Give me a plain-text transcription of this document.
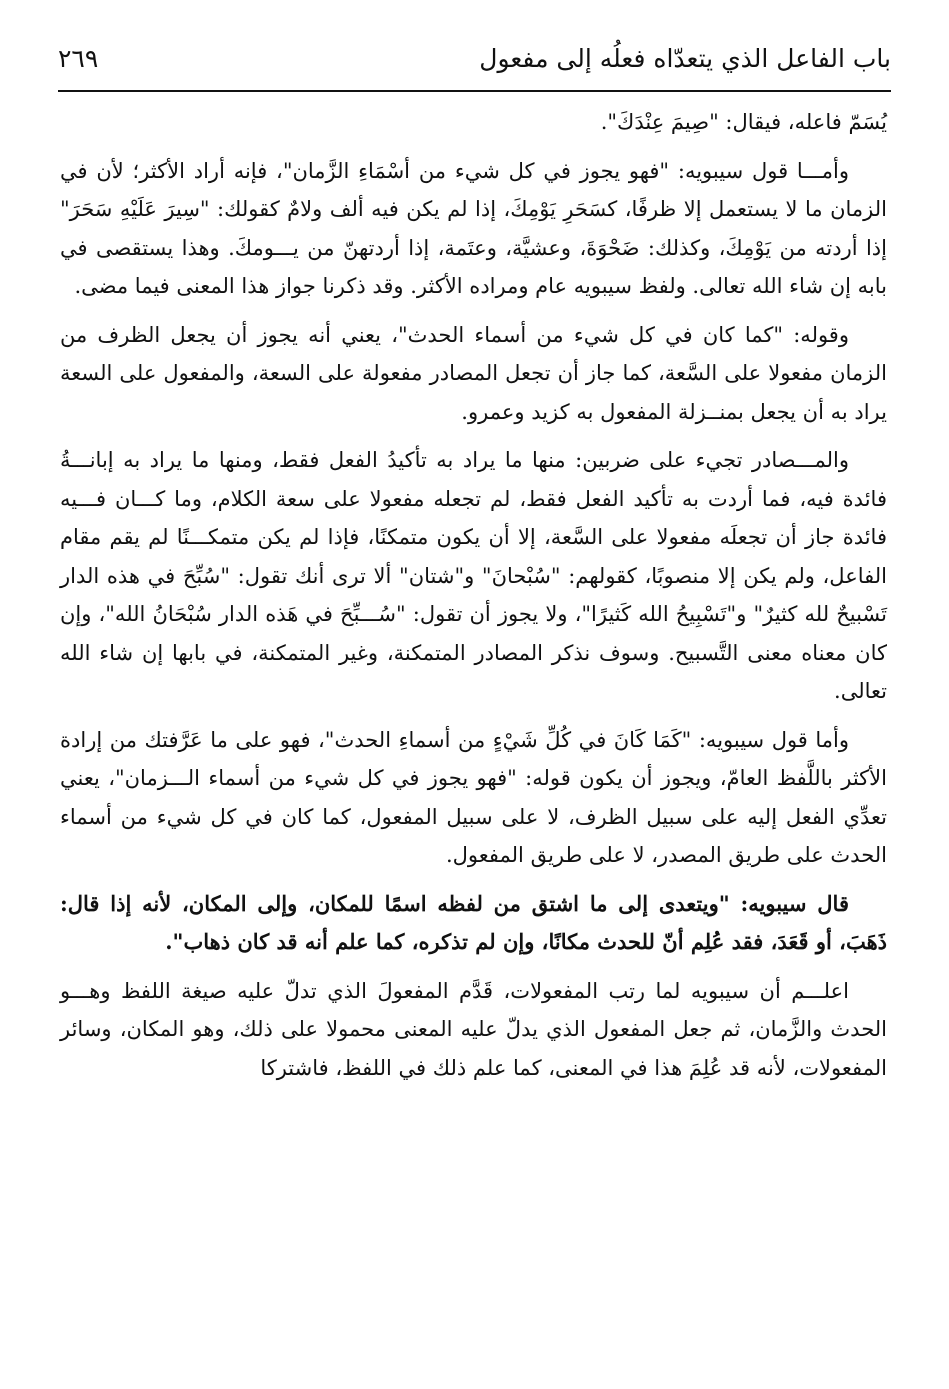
باب الفاعل الذي يتعدّاه فعلُه إلى مفعول
٢٦٩

يُسَمّ فاعله، فيقال: "صِيمَ عِنْدَكَ".

وأمـــا قول سيبويه: "فهو يجوز في كل شيء من أسْمَاءِ الزَّمان"، فإنه أراد الأكثر؛ لأن في الزمان ما لا يستعمل إلا ظرفًا، كسَحَرِ يَوْمِكَ، إذا لم يكن فيه ألف ولامٌ كقولك: "سِيرَ عَلَيْهِ سَحَرَ" إذا أردته من يَوْمِكَ، وكذلك: ضَحْوَةَ، وعشيَّة، وعتَمة، إذا أردتهنّ من يـــومكَ. وهذا يستقصى في بابه إن شاء الله تعالى. ولفظ سيبويه عام ومراده الأكثر. وقد ذكرنا جواز هذا المعنى فيما مضى.

وقوله: "كما كان في كل شيء من أسماء الحدث"، يعني أنه يجوز أن يجعل الظرف من الزمان مفعولا على السَّعة، كما جاز أن تجعل المصادر مفعولة على السعة، والمفعول على السعة يراد به أن يجعل بمنــزلة المفعول به كزيد وعمرو.

والمـــصادر تجيء على ضربين: منها ما يراد به تأكيدُ الفعل فقط، ومنها ما يراد به إبانـــةُ فائدة فيه، فما أردت به تأكيد الفعل فقط، لم تجعله مفعولا على سعة الكلام، وما كـــان فـــيه فائدة جاز أن تجعلَه مفعولا على السَّعة، إلا أن يكون متمكنًا، فإذا لم يكن متمكـــنًا لم يقم مقام الفاعل، ولم يكن إلا منصوبًا، كقولهم: "سُبْحانَ" و"شتان" ألا ترى أنك تقول: "سُبِّحَ في هذه الدار تَسْبيحٌ لله كثيرٌ" و"تَسْبِيحُ الله كَثيرًا"، ولا يجوز أن تقول: "سُـــبِّحَ في هَذه الدار سُبْحَانُ الله"، وإن كان معناه معنى التَّسبيح. وسوف نذكر المصادر المتمكنة، وغير المتمكنة، في بابها إن شاء الله تعالى.

وأما قول سيبويه: "كَمَا كَانَ في كُلِّ شَيْءٍ من أسماءِ الحدث"، فهو على ما عَرَّفتك من إرادة الأكثر باللَّفظ العامّ، ويجوز أن يكون قوله: "فهو يجوز في كل شيء من أسماء الـــزمان"، يعني تعدِّي الفعل إليه على سبيل الظرف، لا على سبيل المفعول، كما كان في كل شيء من أسماء الحدث على طريق المصدر، لا على طريق المفعول.

قال سيبويه: "ويتعدى إلى ما اشتق من لفظه اسمًا للمكان، وإلى المكان، لأنه إذا قال: ذَهَبَ، أو قَعَدَ، فقد عُلِم أنّ للحدث مكانًا، وإن لم تذكره، كما علم أنه قد كان ذهاب".

اعلـــم أن سيبويه لما رتب المفعولات، قَدَّم المفعولَ الذي تدلّ عليه صيغة اللفظ وهـــو الحدث والزَّمان، ثم جعل المفعول الذي يدلّ عليه المعنى محمولا على ذلك، وهو المكان، وسائر المفعولات، لأنه قد عُلِمَ هذا في المعنى، كما علم ذلك في اللفظ، فاشتركا
